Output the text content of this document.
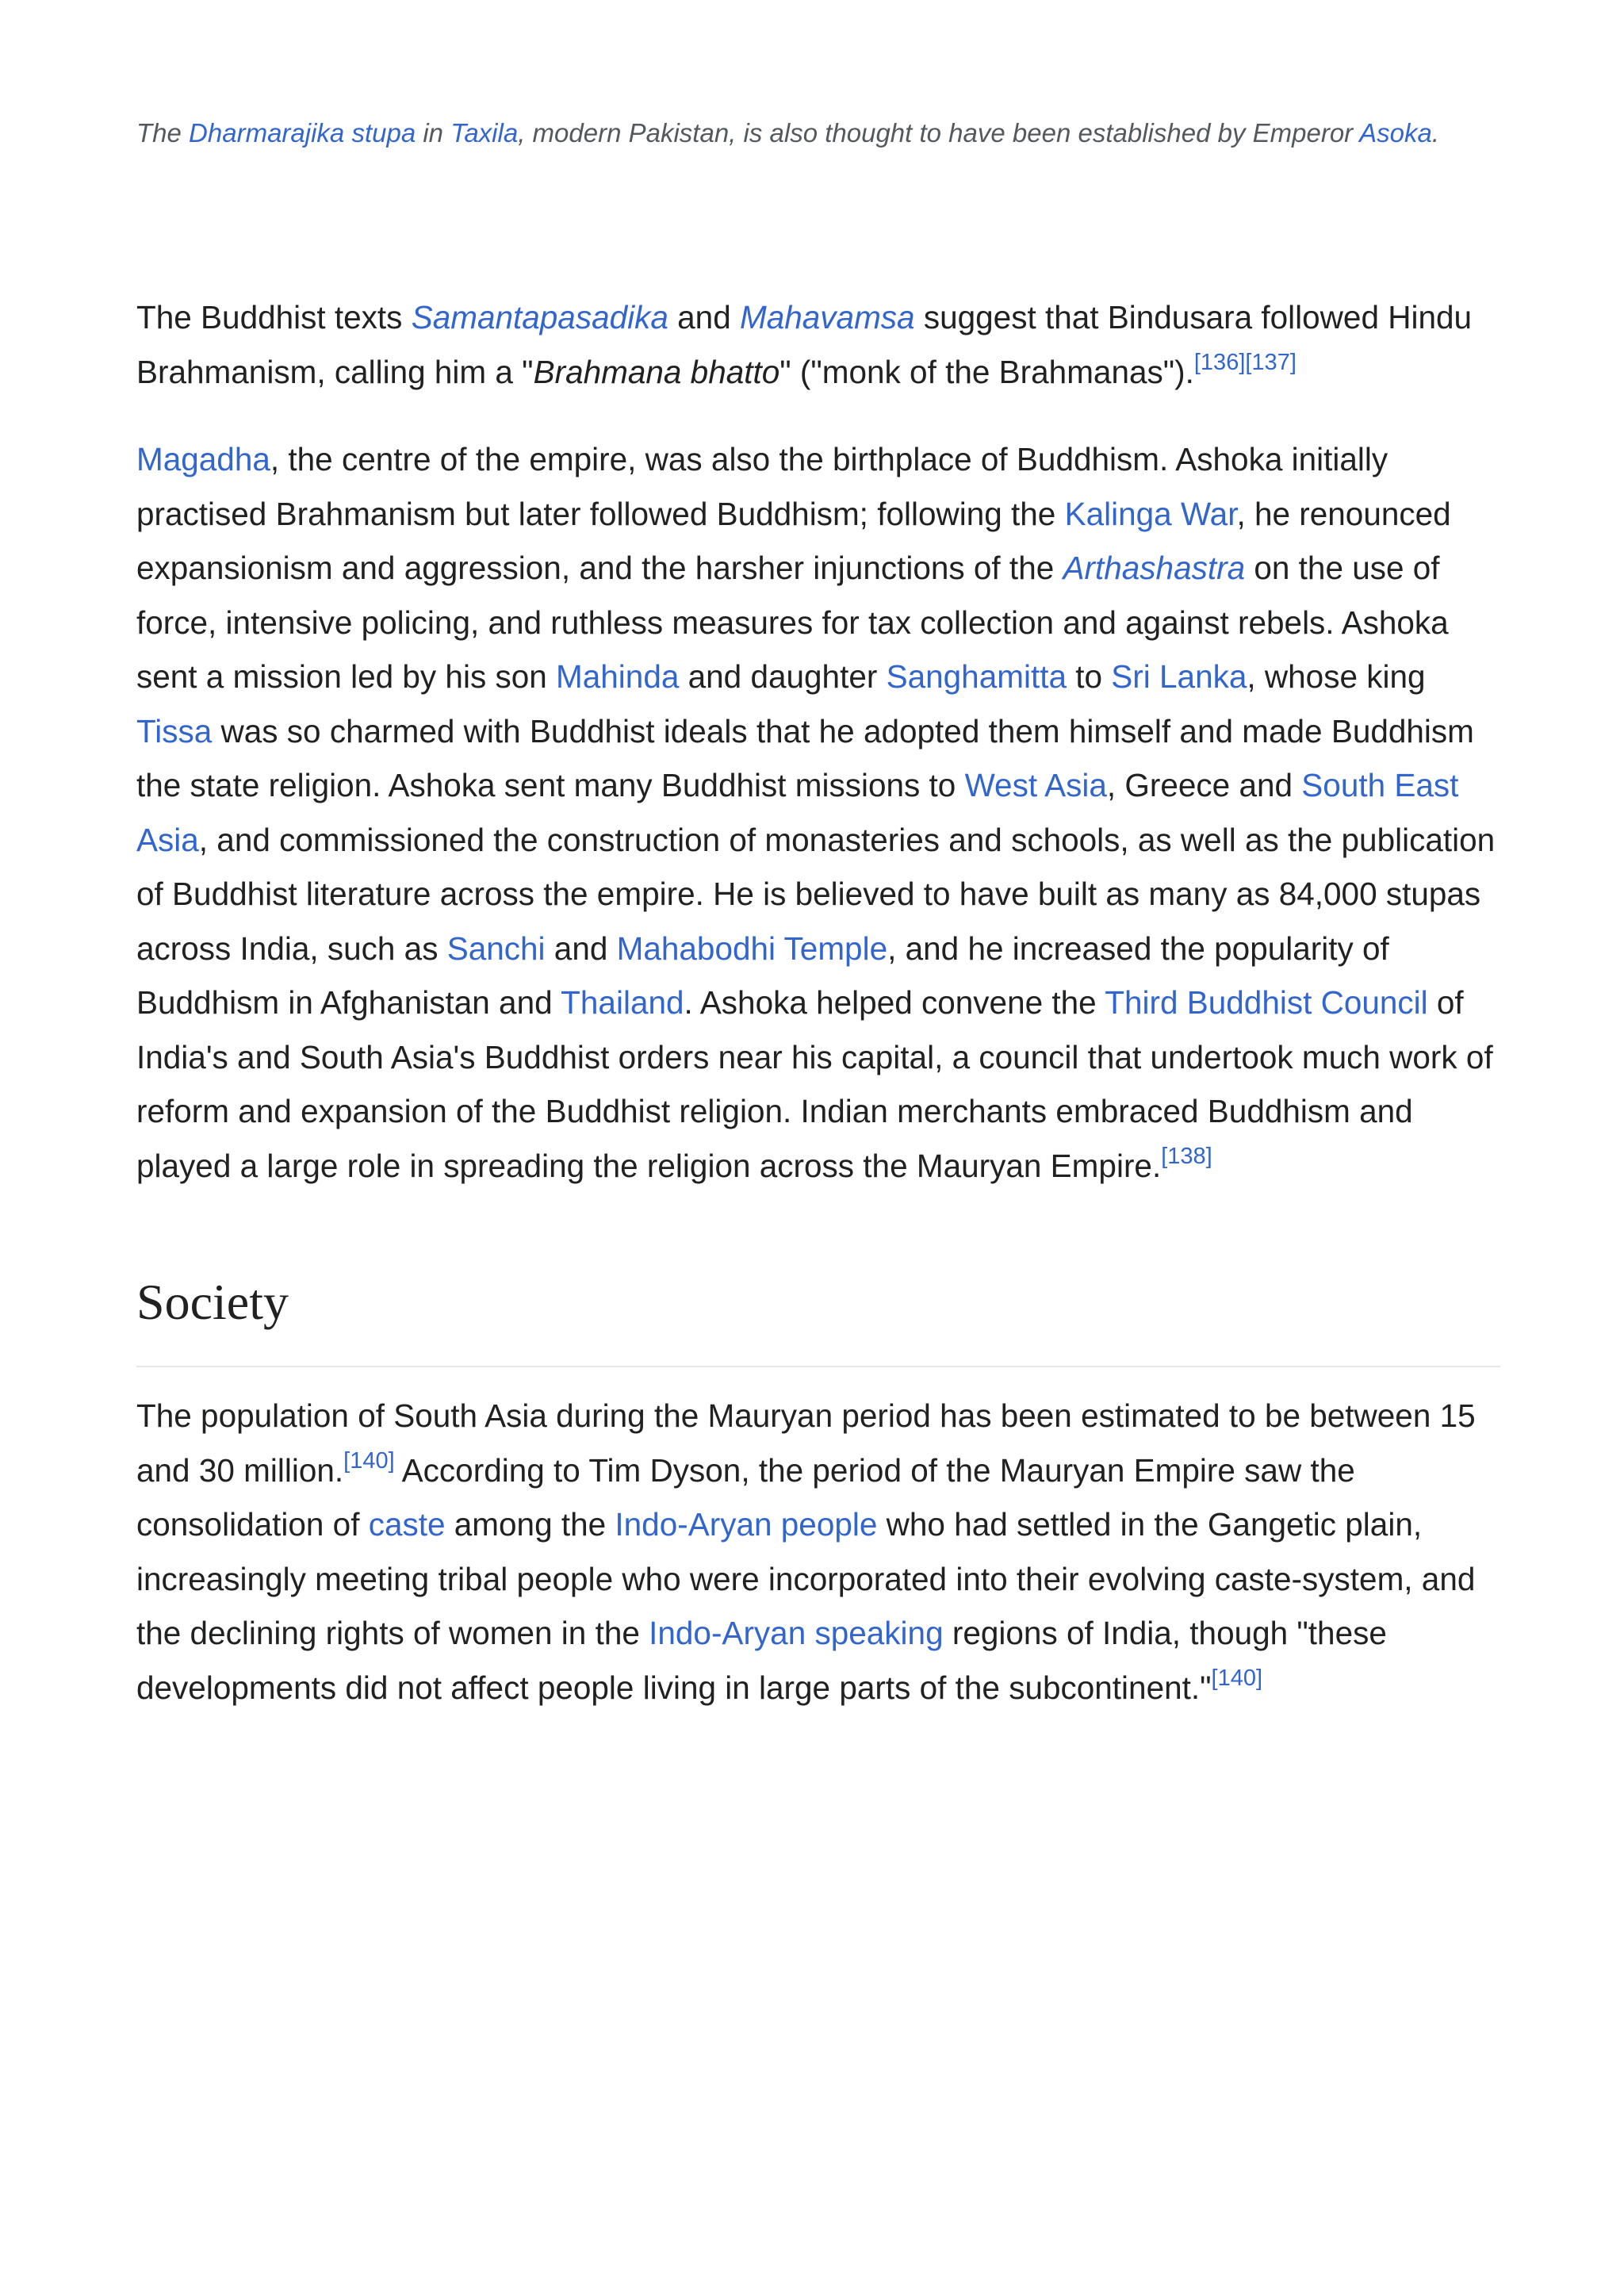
The Dharmarajika stupa in Taxila, modern Pakistan, is also thought to have been established by Emperor Asoka.

The Buddhist texts Samantapasadika and Mahavamsa suggest that Bindusara followed Hindu Brahmanism, calling him a "Brahmana bhatto" ("monk of the Brahmanas").[136][137]

Magadha, the centre of the empire, was also the birthplace of Buddhism. Ashoka initially practised Brahmanism but later followed Buddhism; following the Kalinga War, he renounced expansionism and aggression, and the harsher injunctions of the Arthashastra on the use of force, intensive policing, and ruthless measures for tax collection and against rebels. Ashoka sent a mission led by his son Mahinda and daughter Sanghamitta to Sri Lanka, whose king Tissa was so charmed with Buddhist ideals that he adopted them himself and made Buddhism the state religion. Ashoka sent many Buddhist missions to West Asia, Greece and South East Asia, and commissioned the construction of monasteries and schools, as well as the publication of Buddhist literature across the empire. He is believed to have built as many as 84,000 stupas across India, such as Sanchi and Mahabodhi Temple, and he increased the popularity of Buddhism in Afghanistan and Thailand. Ashoka helped convene the Third Buddhist Council of India's and South Asia's Buddhist orders near his capital, a council that undertook much work of reform and expansion of the Buddhist religion. Indian merchants embraced Buddhism and played a large role in spreading the religion across the Mauryan Empire.[138]

Society

The population of South Asia during the Mauryan period has been estimated to be between 15 and 30 million.[140] According to Tim Dyson, the period of the Mauryan Empire saw the consolidation of caste among the Indo-Aryan people who had settled in the Gangetic plain, increasingly meeting tribal people who were incorporated into their evolving caste-system, and the declining rights of women in the Indo-Aryan speaking regions of India, though "these developments did not affect people living in large parts of the subcontinent."[140]
